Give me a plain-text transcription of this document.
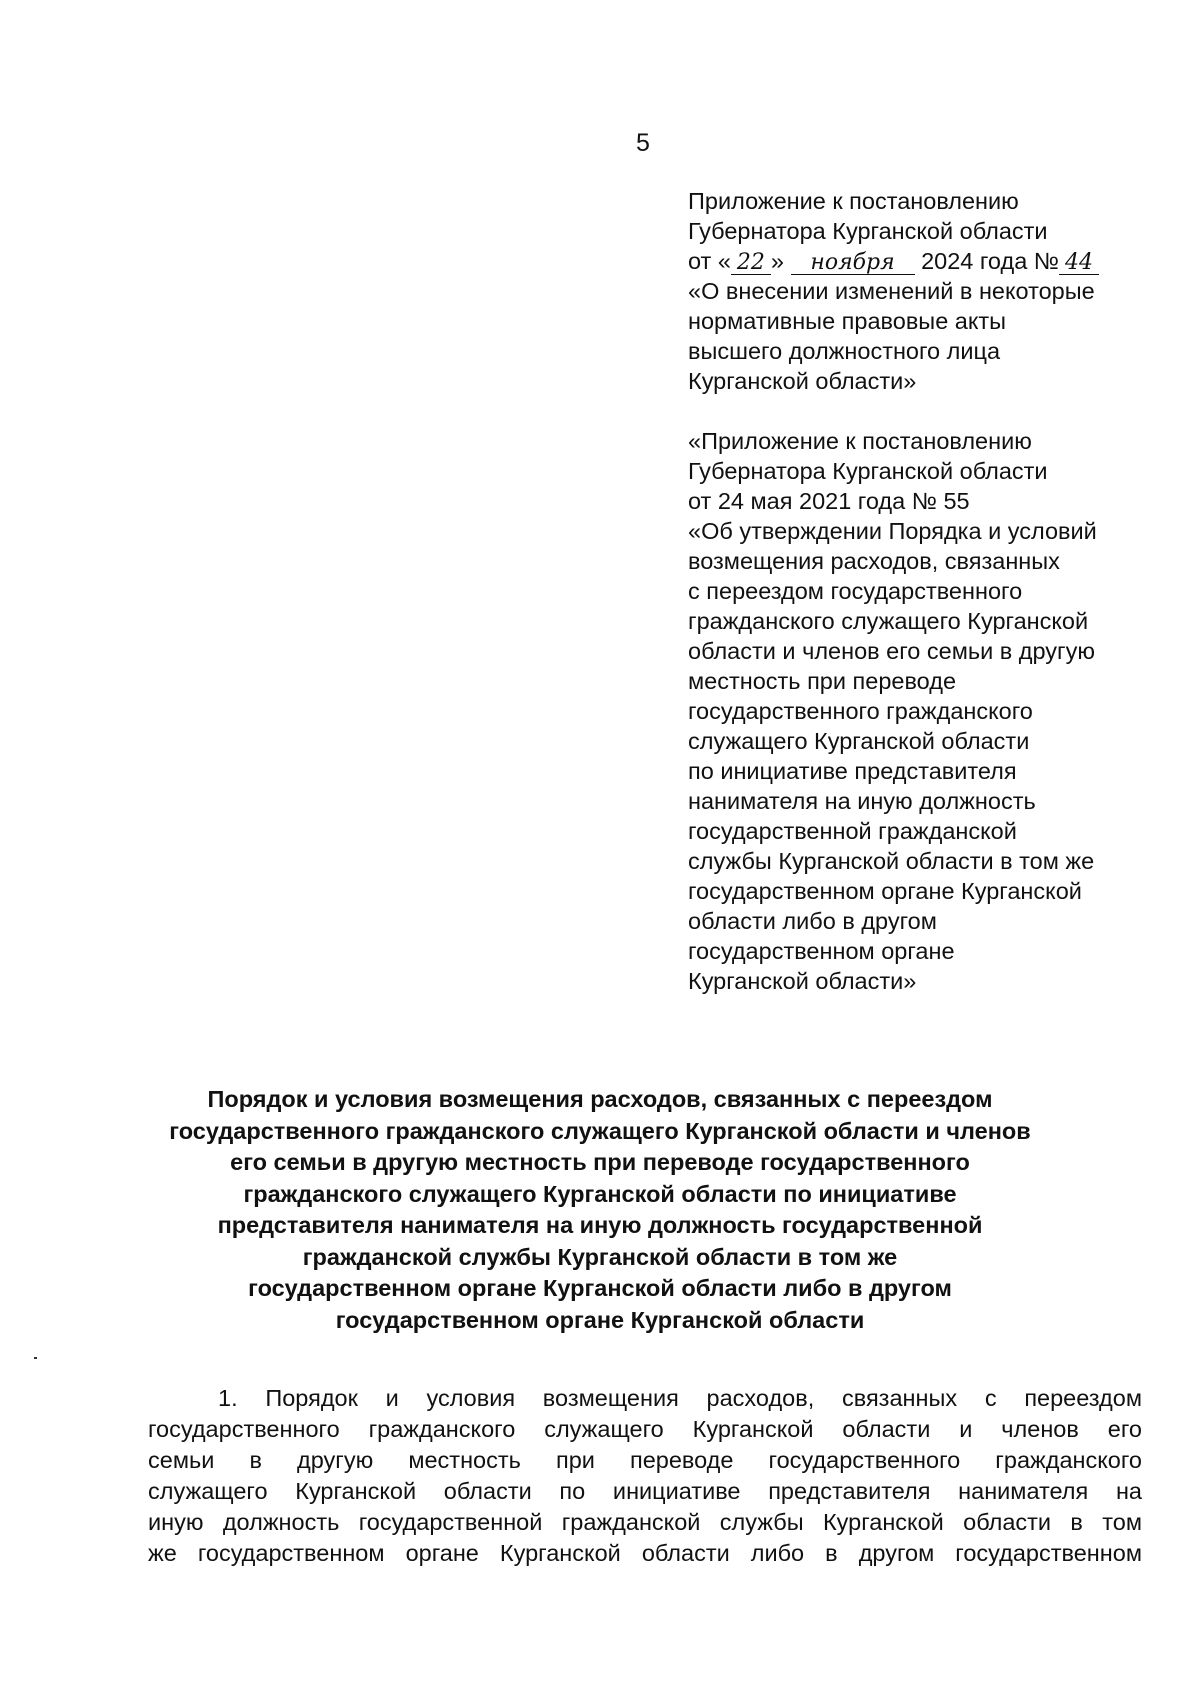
5
Приложение к постановлению
Губернатора Курганской области
от « 22 » ноября 2024 года № 44
«О внесении изменений в некоторые
нормативные правовые акты
высшего должностного лица
Курганской области»
«Приложение к постановлению
Губернатора Курганской области
от 24 мая 2021 года № 55
«Об утверждении Порядка и условий
возмещения расходов, связанных
с переездом государственного
гражданского служащего Курганской
области и членов его семьи в другую
местность при переводе
государственного гражданского
служащего Курганской области
по инициативе представителя
нанимателя на иную должность
государственной гражданской
службы Курганской области в том же
государственном органе Курганской
области либо в другом
государственном органе
Курганской области»
Порядок и условия возмещения расходов, связанных с переездом
государственного гражданского служащего Курганской области и членов
его семьи в другую местность при переводе государственного
гражданского служащего Курганской области по инициативе
представителя нанимателя на иную должность государственной
гражданской службы Курганской области в том же
государственном органе Курганской области либо в другом
государственном органе Курганской области
1. Порядок и условия возмещения расходов, связанных с переездом
государственного гражданского служащего Курганской области и членов его
семьи в другую местность при переводе государственного гражданского
служащего Курганской области по инициативе представителя нанимателя на
иную должность государственной гражданской службы Курганской области в том
же государственном органе Курганской области либо в другом государственном
